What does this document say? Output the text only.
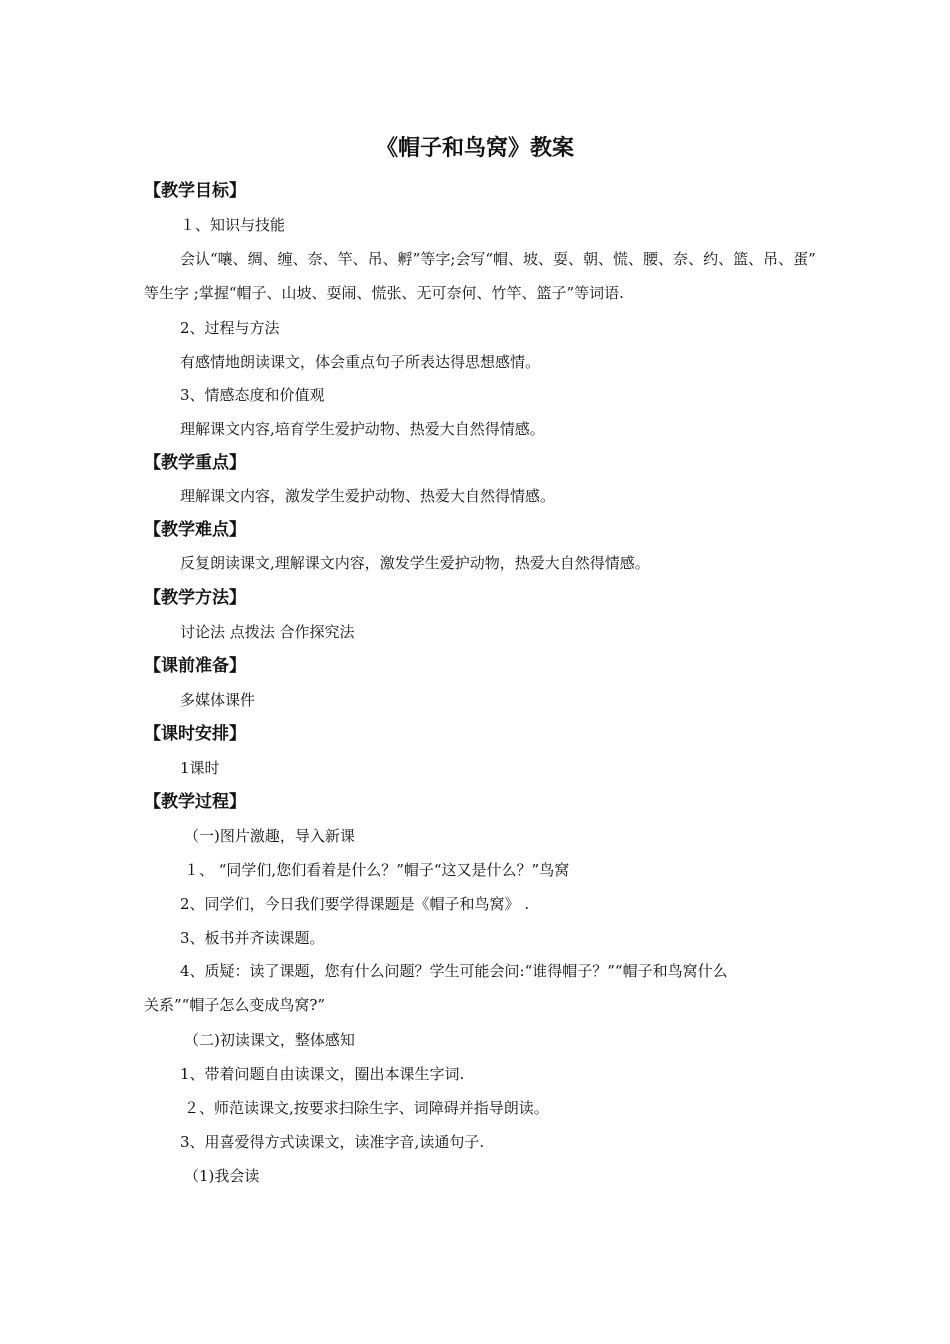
《帽子和鸟窝》教案
【教学目标】
１、知识与技能
会认“嚷、绸、缠、奈、竿、吊、孵”等字;会写“帽、坡、耍、朝、慌、腰、奈、约、篮、吊、蛋”
等生字 ;掌握“帽子、山坡、耍闹、慌张、无可奈何、竹竿、篮子”等词语.
2、过程与方法
有感情地朗读课文，体会重点句子所表达得思想感情。
3、情感态度和价值观
理解课文内容,培育学生爱护动物、热爱大自然得情感。
【教学重点】
理解课文内容，激发学生爱护动物、热爱大自然得情感。
【教学难点】
反复朗读课文,理解课文内容，激发学生爱护动物，热爱大自然得情感。
【教学方法】
讨论法 点拨法 合作探究法
【课前准备】
多媒体课件
【课时安排】
1课时
【教学过程】
（一)图片激趣，导入新课
１、 “同学们,您们看着是什么？”帽子“这又是什么？”鸟窝
2、同学们，今日我们要学得课题是《帽子和鸟窝》 .
3、板书并齐读课题。
4、质疑：读了课题，您有什么问题？学生可能会问:“谁得帽子？”“帽子和鸟窝什么
关系”“帽子怎么变成鸟窝?”
（二)初读课文，整体感知
1、带着问题自由读课文，圈出本课生字词.
２、师范读课文,按要求扫除生字、词障碍并指导朗读。
3、用喜爱得方式读课文，读准字音,读通句子.
（1)我会读
